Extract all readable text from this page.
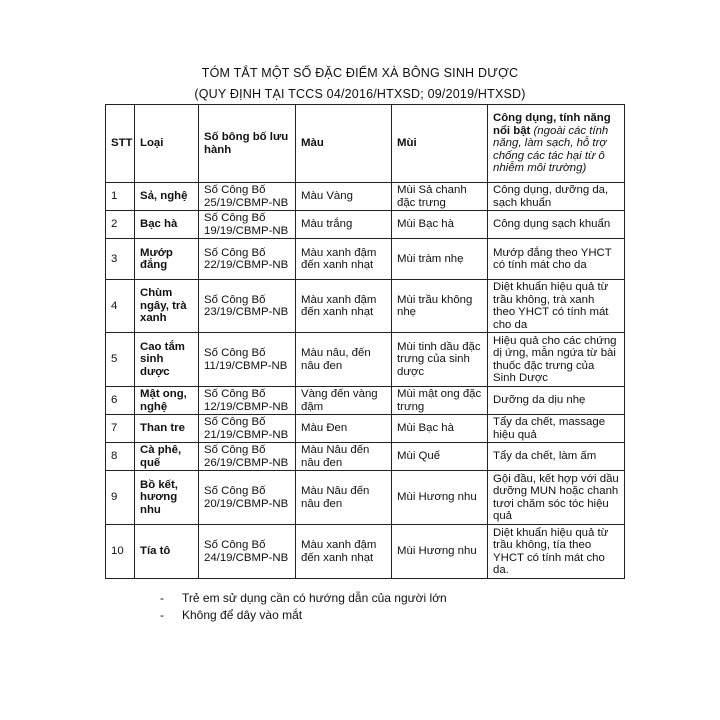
TÓM TẮT MỘT SỐ ĐẶC ĐIỂM XÀ BÔNG SINH DƯỢC
(QUY ĐỊNH TẠI TCCS 04/2016/HTXSD; 09/2019/HTXSD)
STT	Loại	Số bông bố lưu hành	Màu	Mùi	Công dụng, tính năng nổi bật (ngoài các tính năng, làm sạch, hỗ trợ chống các tác hại từ ô nhiễm môi trường)
1	Sả, nghệ	Số Công Bố 25/19/CBMP-NB	Màu Vàng	Mùi Sả chanh đặc trưng	Công dụng, dưỡng da, sạch khuẩn
2	Bạc hà	Số Công Bố 19/19/CBMP-NB	Màu trắng	Mùi Bạc hà	Công dụng sạch khuẩn
3	Mướp đắng	Số Công Bố 22/19/CBMP-NB	Màu xanh đậm đến xanh nhạt	Mùi tràm nhẹ	Mướp đắng theo YHCT có tính mát cho da
4	Chùm ngây, trà xanh	Số Công Bố 23/19/CBMP-NB	Màu xanh đậm đến xanh nhạt	Mùi trầu không nhẹ	Diệt khuẩn hiệu quả từ trầu không, trà xanh theo YHCT có tính mát cho da
5	Cao tắm sinh dược	Số Công Bố 11/19/CBMP-NB	Màu nâu, đến nâu đen	Mùi tinh dầu đặc trưng của sinh dược	Hiệu quả cho các chứng dị ứng, mẫn ngứa từ bài thuốc đặc trưng của Sinh Dược
6	Mật ong, nghệ	Số Công Bố 12/19/CBMP-NB	Vàng đến vàng đậm	Mùi mật ong đặc trưng	Dưỡng da dịu nhẹ
7	Than tre	Số Công Bố 21/19/CBMP-NB	Màu Đen	Mùi Bạc hà	Tẩy da chết, massage hiệu quả
8	Cà phê, quế	Số Công Bố 26/19/CBMP-NB	Màu Nâu đến nâu đen	Mùi Quế	Tẩy da chết, làm ấm
9	Bồ kết, hương nhu	Số Công Bố 20/19/CBMP-NB	Màu Nâu đến nâu đen	Mùi Hương nhu	Gội đầu, kết hợp với dầu dưỡng MUN hoặc chanh tươi chăm sóc tóc hiệu quả
10	Tía tô	Số Công Bố 24/19/CBMP-NB	Màu xanh đậm đến xanh nhạt	Mùi Hương nhu	Diệt khuẩn hiệu quả từ trầu không, tía theo YHCT có tính mát cho da.
-	Trẻ em sử dụng cần có hướng dẫn của người lớn
-	Không để dây vào mắt
